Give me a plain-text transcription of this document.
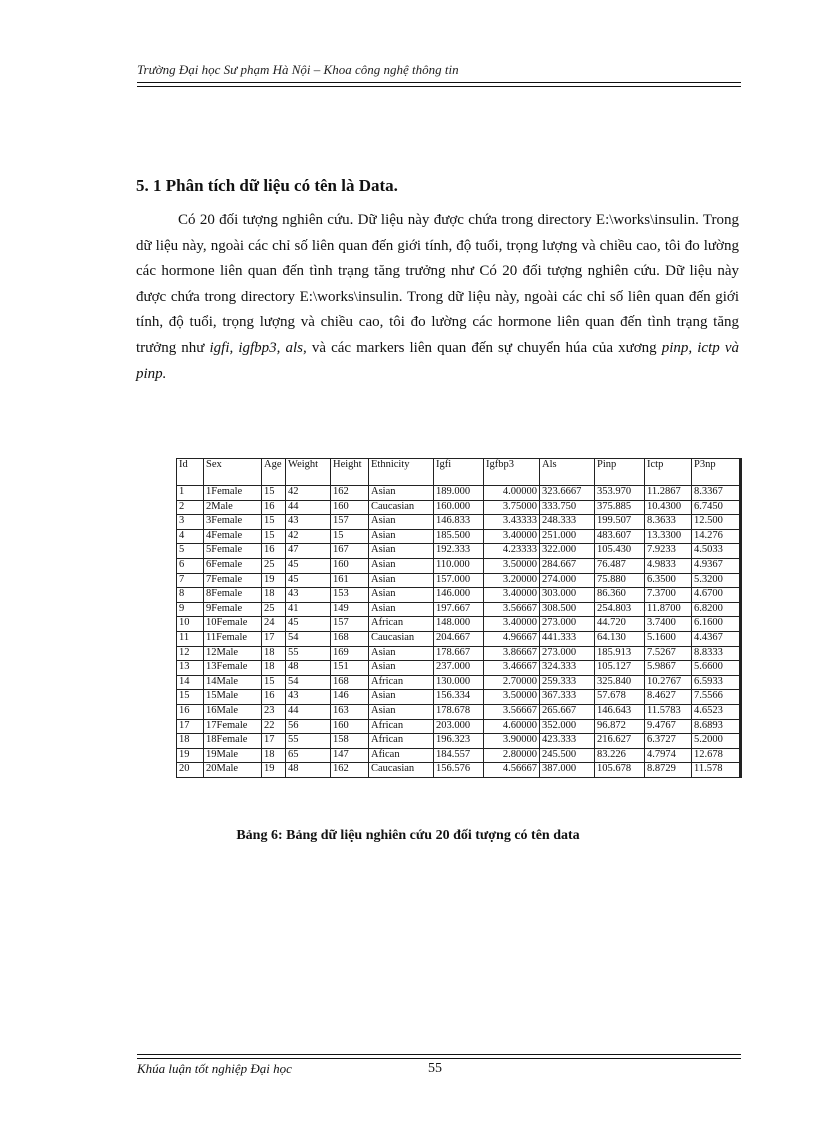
Trường Đại học Sư phạm Hà Nội – Khoa công nghệ thông tin
5. 1 Phân tích dữ liệu có tên là Data.

Có 20 đối tượng nghiên cứu. Dữ liệu này được chứa trong directory E:\works\insulin. Trong dữ liệu này, ngoài các chỉ số liên quan đến giới tính, độ tuổi, trọng lượng và chiều cao, tôi đo lường các hormone liên quan đến tình trạng tăng trưởng như Có 20 đối tượng nghiên cứu. Dữ liệu này được chứa trong directory E:\works\insulin. Trong dữ liệu này, ngoài các chỉ số liên quan đến giới tính, độ tuổi, trọng lượng và chiều cao, tôi đo lường các hormone liên quan đến tình trạng tăng trưởng như igfi, igfbp3, als, và các markers liên quan đến sự chuyển húa của xương pinp, ictp và pinp.

Id	Sex	Age	Weight	Height	Ethnicity	Igfi	Igfbp3	Als	Pinp	Ictp	P3np
1	1Female	15	42	162	Asian	189.000	4.00000	323.6667	353.970	11.2867	8.3367
2	2Male	16	44	160	Caucasian	160.000	3.75000	333.750	375.885	10.4300	6.7450
3	3Female	15	43	157	Asian	146.833	3.43333	248.333	199.507	8.3633	12.500
4	4Female	15	42	15	Asian	185.500	3.40000	251.000	483.607	13.3300	14.276
5	5Female	16	47	167	Asian	192.333	4.23333	322.000	105.430	7.9233	4.5033
6	6Female	25	45	160	Asian	110.000	3.50000	284.667	76.487	4.9833	4.9367
7	7Female	19	45	161	Asian	157.000	3.20000	274.000	75.880	6.3500	5.3200
8	8Female	18	43	153	Asian	146.000	3.40000	303.000	86.360	7.3700	4.6700
9	9Female	25	41	149	Asian	197.667	3.56667	308.500	254.803	11.8700	6.8200
10	10Female	24	45	157	African	148.000	3.40000	273.000	44.720	3.7400	6.1600
11	11Female	17	54	168	Caucasian	204.667	4.96667	441.333	64.130	5.1600	4.4367
12	12Male	18	55	169	Asian	178.667	3.86667	273.000	185.913	7.5267	8.8333
13	13Female	18	48	151	Asian	237.000	3.46667	324.333	105.127	5.9867	5.6600
14	14Male	15	54	168	African	130.000	2.70000	259.333	325.840	10.2767	6.5933
15	15Male	16	43	146	Asian	156.334	3.50000	367.333	57.678	8.4627	7.5566
16	16Male	23	44	163	Asian	178.678	3.56667	265.667	146.643	11.5783	4.6523
17	17Female	22	56	160	African	203.000	4.60000	352.000	96.872	9.4767	8.6893
18	18Female	17	55	158	African	196.323	3.90000	423.333	216.627	6.3727	5.2000
19	19Male	18	65	147	Afican	184.557	2.80000	245.500	83.226	4.7974	12.678
20	20Male	19	48	162	Caucasian	156.576	4.56667	387.000	105.678	8.8729	11.578
Bảng 6: Bảng dữ liệu nghiên cứu 20 đối tượng có tên data
Khúa luận tốt nghiệp Đại học	55
